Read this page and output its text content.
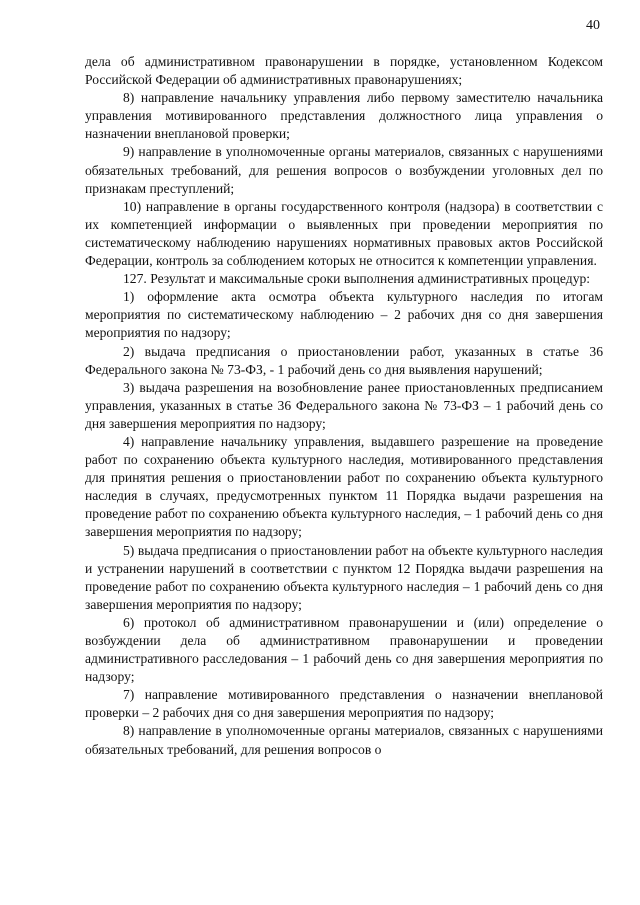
40

дела об административном правонарушении в порядке, установленном Кодексом Российской Федерации об административных правонарушениях;

8) направление начальнику управления либо первому заместителю начальника управления мотивированного представления должностного лица управления о назначении внеплановой проверки;

9) направление в уполномоченные органы материалов, связанных с нарушениями обязательных требований, для решения вопросов о возбуждении уголовных дел по признакам преступлений;

10) направление в органы государственного контроля (надзора) в соответствии с их компетенцией информации о выявленных при проведении мероприятия по систематическому наблюдению нарушениях нормативных правовых актов Российской Федерации, контроль за соблюдением которых не относится к компетенции управления.

127. Результат и максимальные сроки выполнения административных процедур:

1) оформление акта осмотра объекта культурного наследия по итогам мероприятия по систематическому наблюдению – 2 рабочих дня со дня завершения мероприятия по надзору;

2) выдача предписания о приостановлении работ, указанных в статье 36 Федерального закона № 73-ФЗ, - 1 рабочий день со дня выявления нарушений;

3) выдача разрешения на возобновление ранее приостановленных предписанием управления, указанных в статье 36 Федерального закона № 73-ФЗ – 1 рабочий день со дня завершения мероприятия по надзору;

4) направление начальнику управления, выдавшего разрешение на проведение работ по сохранению объекта культурного наследия, мотивированного представления для принятия решения о приостановлении работ по сохранению объекта культурного наследия в случаях, предусмотренных пунктом 11 Порядка выдачи разрешения на проведение работ по сохранению объекта культурного наследия, – 1 рабочий день со дня завершения мероприятия по надзору;

5) выдача предписания о приостановлении работ на объекте культурного наследия и устранении нарушений в соответствии с пунктом 12 Порядка выдачи разрешения на проведение работ по сохранению объекта культурного наследия – 1 рабочий день со дня завершения мероприятия по надзору;

6) протокол об административном правонарушении и (или) определение о возбуждении дела об административном правонарушении и проведении административного расследования – 1 рабочий день со дня завершения мероприятия по надзору;

7) направление мотивированного представления о назначении внеплановой проверки – 2 рабочих дня со дня завершения мероприятия по надзору;

8) направление в уполномоченные органы материалов, связанных с нарушениями обязательных требований, для решения вопросов о
